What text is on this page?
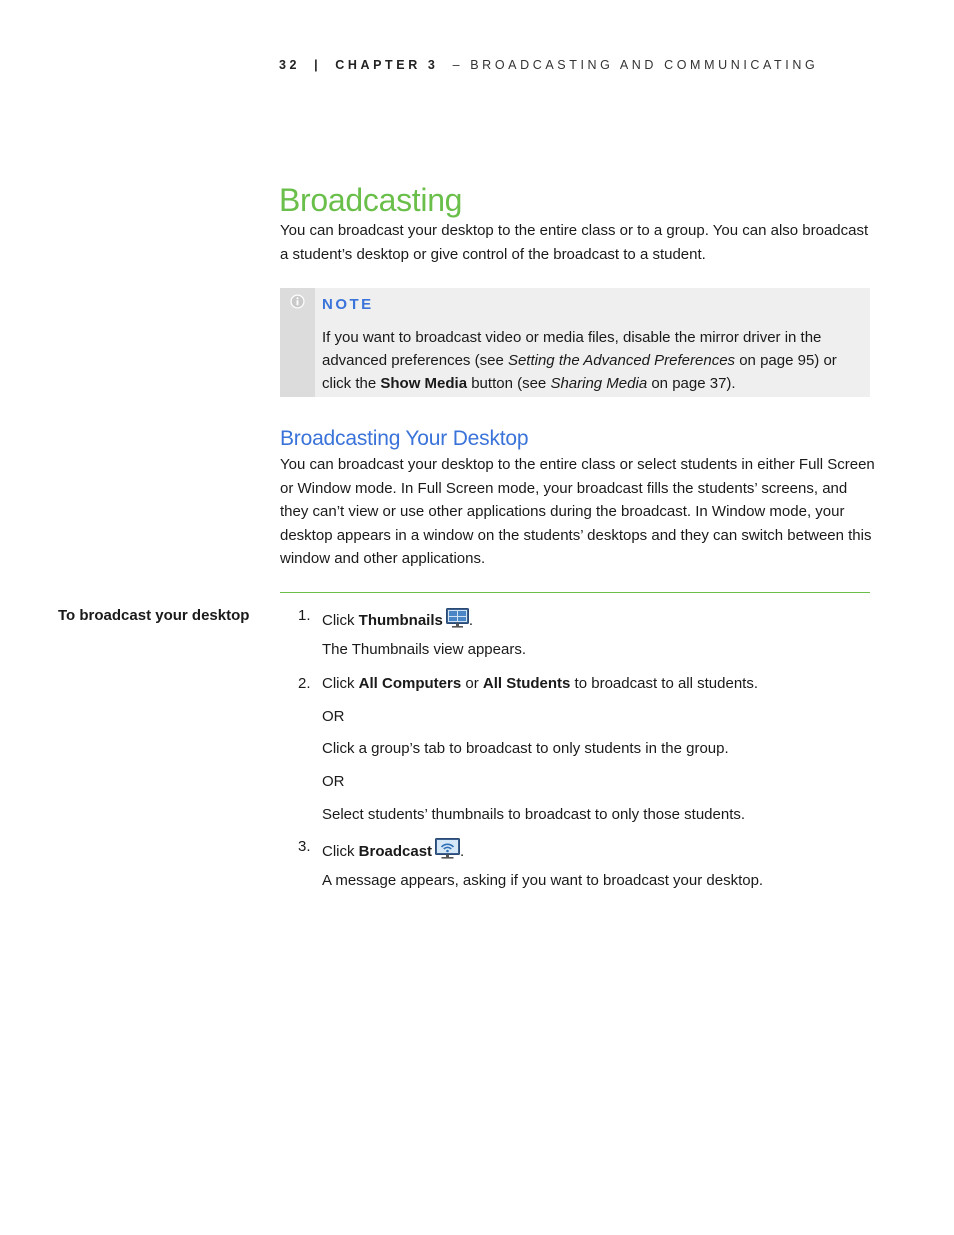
32 | CHAPTER 3 – BROADCASTING AND COMMUNICATING
Broadcasting

You can broadcast your desktop to the entire class or to a group. You can also broadcast a student’s desktop or give control of the broadcast to a student.

NOTE
If you want to broadcast video or media files, disable the mirror driver in the advanced preferences (see Setting the Advanced Preferences on page 95) or click the Show Media button (see Sharing Media on page 37).
Broadcasting Your Desktop

You can broadcast your desktop to the entire class or select students in either Full Screen or Window mode. In Full Screen mode, your broadcast fills the students’ screens, and they can’t view or use other applications during the broadcast. In Window mode, your desktop appears in a window on the students’ desktops and they can switch between this window and other applications.

To broadcast your desktop	1. Click Thumbnails .
The Thumbnails view appears.
2. Click All Computers or All Students to broadcast to all students.
OR
Click a group’s tab to broadcast to only students in the group.
OR
Select students’ thumbnails to broadcast to only those students.
3. Click Broadcast .
A message appears, asking if you want to broadcast your desktop.
